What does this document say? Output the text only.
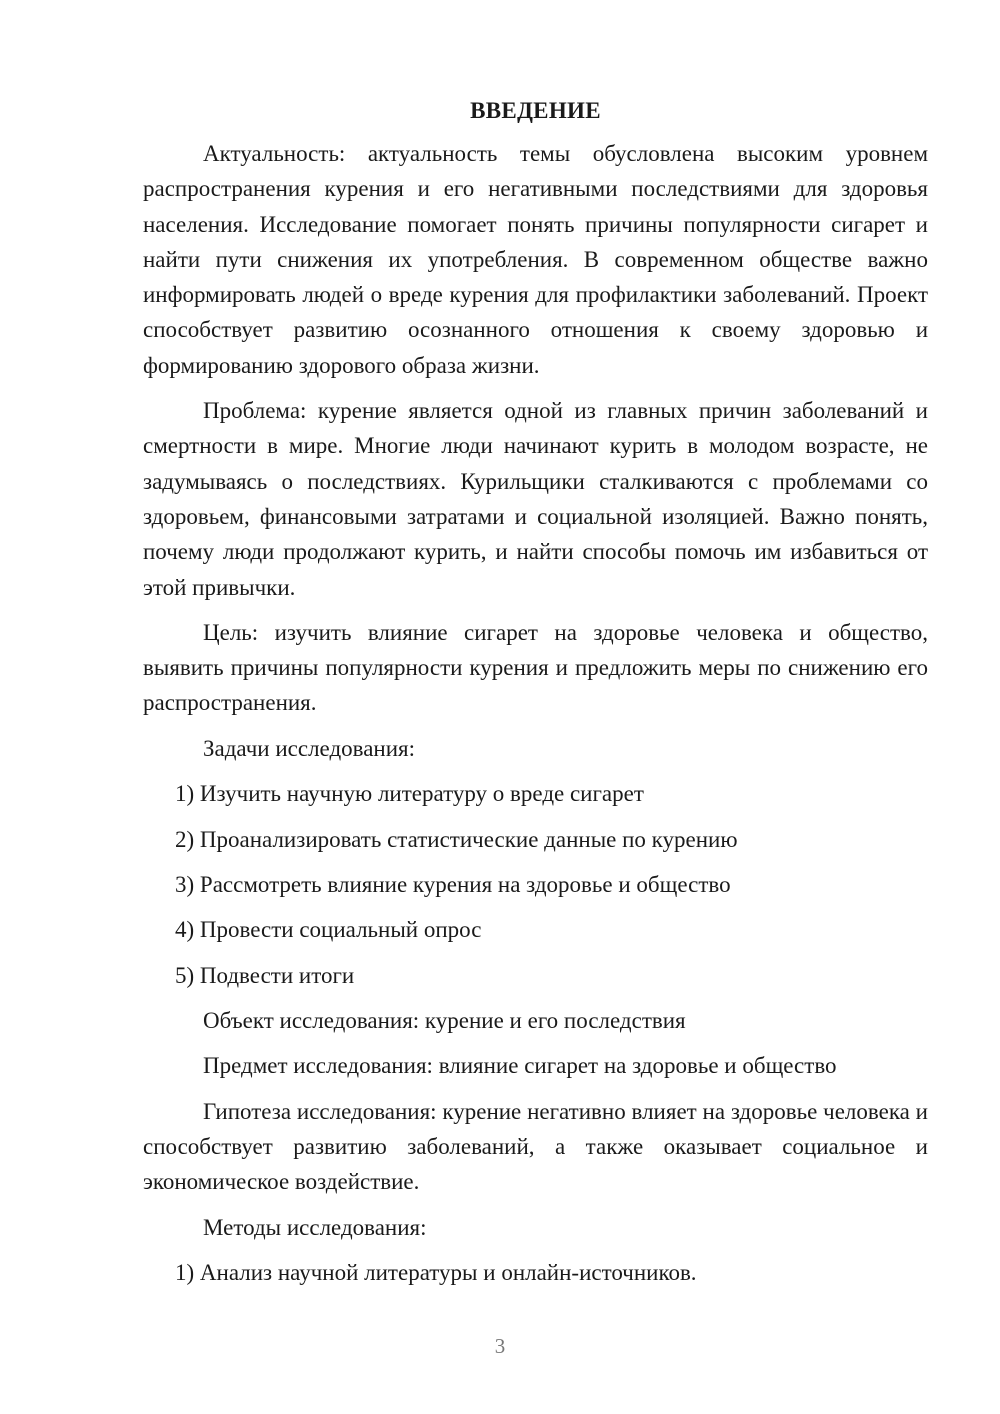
ВВЕДЕНИЕ

Актуальность: актуальность темы обусловлена высоким уровнем распространения курения и его негативными последствиями для здоровья населения. Исследование помогает понять причины популярности сигарет и найти пути снижения их употребления. В современном обществе важно информировать людей о вреде курения для профилактики заболеваний. Проект способствует развитию осознанного отношения к своему здоровью и формированию здорового образа жизни.

Проблема: курение является одной из главных причин заболеваний и смертности в мире. Многие люди начинают курить в молодом возрасте, не задумываясь о последствиях. Курильщики сталкиваются с проблемами со здоровьем, финансовыми затратами и социальной изоляцией. Важно понять, почему люди продолжают курить, и найти способы помочь им избавиться от этой привычки.

Цель: изучить влияние сигарет на здоровье человека и общество, выявить причины популярности курения и предложить меры по снижению его распространения.

Задачи исследования:
1) Изучить научную литературу о вреде сигарет
2) Проанализировать статистические данные по курению
3) Рассмотреть влияние курения на здоровье и общество
4) Провести социальный опрос
5) Подвести итоги
Объект исследования: курение и его последствия
Предмет исследования: влияние сигарет на здоровье и общество

Гипотеза исследования: курение негативно влияет на здоровье человека и способствует развитию заболеваний, а также оказывает социальное и экономическое воздействие.

Методы исследования:
1) Анализ научной литературы и онлайн-источников.
3
